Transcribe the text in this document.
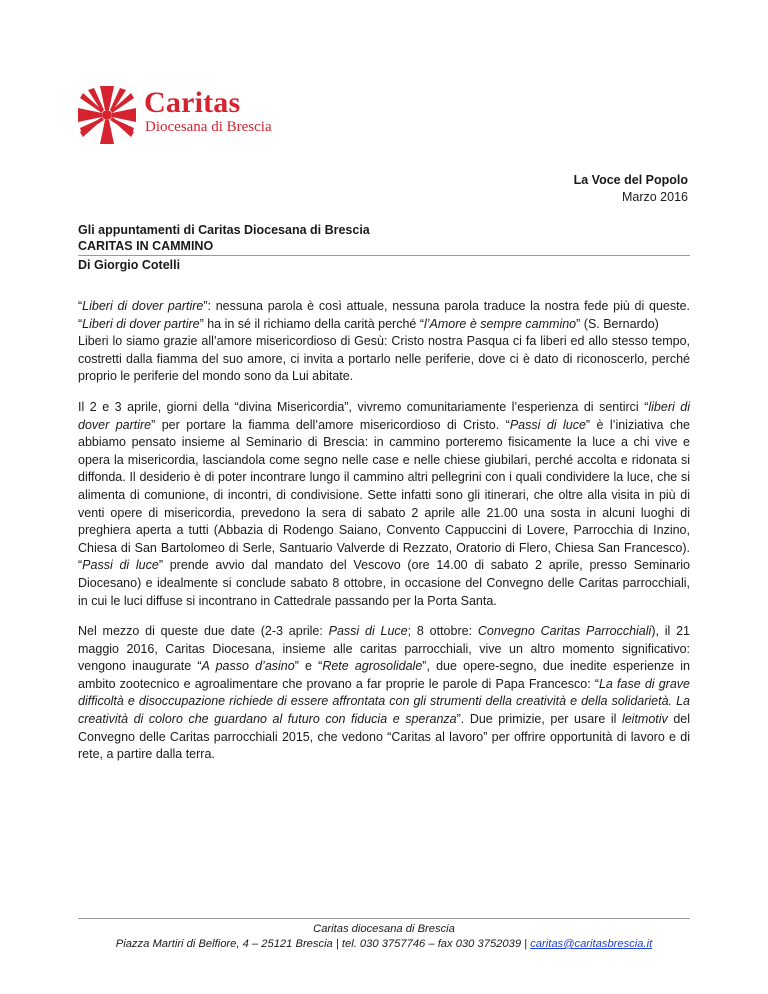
Caritas
Diocesana di Brescia
La Voce del Popolo
Marzo 2016
Gli appuntamenti di Caritas Diocesana di Brescia
CARITAS IN CAMMINO
Di Giorgio Cotelli

“Liberi di dover partire”: nessuna parola è così attuale, nessuna parola traduce la nostra fede più di queste. “Liberi di dover partire” ha in sé il richiamo della carità perché “l’Amore è sempre cammino” (S. Bernardo)
Liberi lo siamo grazie all’amore misericordioso di Gesù: Cristo nostra Pasqua ci fa liberi ed allo stesso tempo, costretti dalla fiamma del suo amore, ci invita a portarlo nelle periferie, dove ci è dato di riconoscerlo, perché proprio le periferie del mondo sono da Lui abitate.

Il 2 e 3 aprile, giorni della “divina Misericordia”, vivremo comunitariamente l’esperienza di sentirci “liberi di dover partire” per portare la fiamma dell’amore misericordioso di Cristo. “Passi di luce” è l’iniziativa che abbiamo pensato insieme al Seminario di Brescia: in cammino porteremo fisicamente la luce a chi vive e opera la misericordia, lasciandola come segno nelle case e nelle chiese giubilari, perché accolta e ridonata si diffonda. Il desiderio è di poter incontrare lungo il cammino altri pellegrini con i quali condividere la luce, che si alimenta di comunione, di incontri, di condivisione. Sette infatti sono gli itinerari, che oltre alla visita in più di venti opere di misericordia, prevedono la sera di sabato 2 aprile alle 21.00 una sosta in alcuni luoghi di preghiera aperta a tutti (Abbazia di Rodengo Saiano, Convento Cappuccini di Lovere, Parrocchia di Inzino, Chiesa di San Bartolomeo di Serle, Santuario Valverde di Rezzato, Oratorio di Flero, Chiesa San Francesco). “Passi di luce” prende avvio dal mandato del Vescovo (ore 14.00 di sabato 2 aprile, presso Seminario Diocesano) e idealmente si conclude sabato 8 ottobre, in occasione del Convegno delle Caritas parrocchiali, in cui le luci diffuse si incontrano in Cattedrale passando per la Porta Santa.

Nel mezzo di queste due date (2-3 aprile: Passi di Luce; 8 ottobre: Convegno Caritas Parrocchiali), il 21 maggio 2016, Caritas Diocesana, insieme alle caritas parrocchiali, vive un altro momento significativo: vengono inaugurate “A passo d’asino” e “Rete agrosolidale”, due opere-segno, due inedite esperienze in ambito zootecnico e agroalimentare che provano a far proprie le parole di Papa Francesco: “La fase di grave difficoltà e disoccupazione richiede di essere affrontata con gli strumenti della creatività e della solidarietà. La creatività di coloro che guardano al futuro con fiducia e speranza”. Due primizie, per usare il leitmotiv del Convegno delle Caritas parrocchiali 2015, che vedono “Caritas al lavoro” per offrire opportunità di lavoro e di rete, a partire dalla terra.

Caritas diocesana di Brescia
Piazza Martiri di Belfiore, 4 – 25121 Brescia | tel. 030 3757746 – fax 030 3752039 | caritas@caritasbrescia.it
